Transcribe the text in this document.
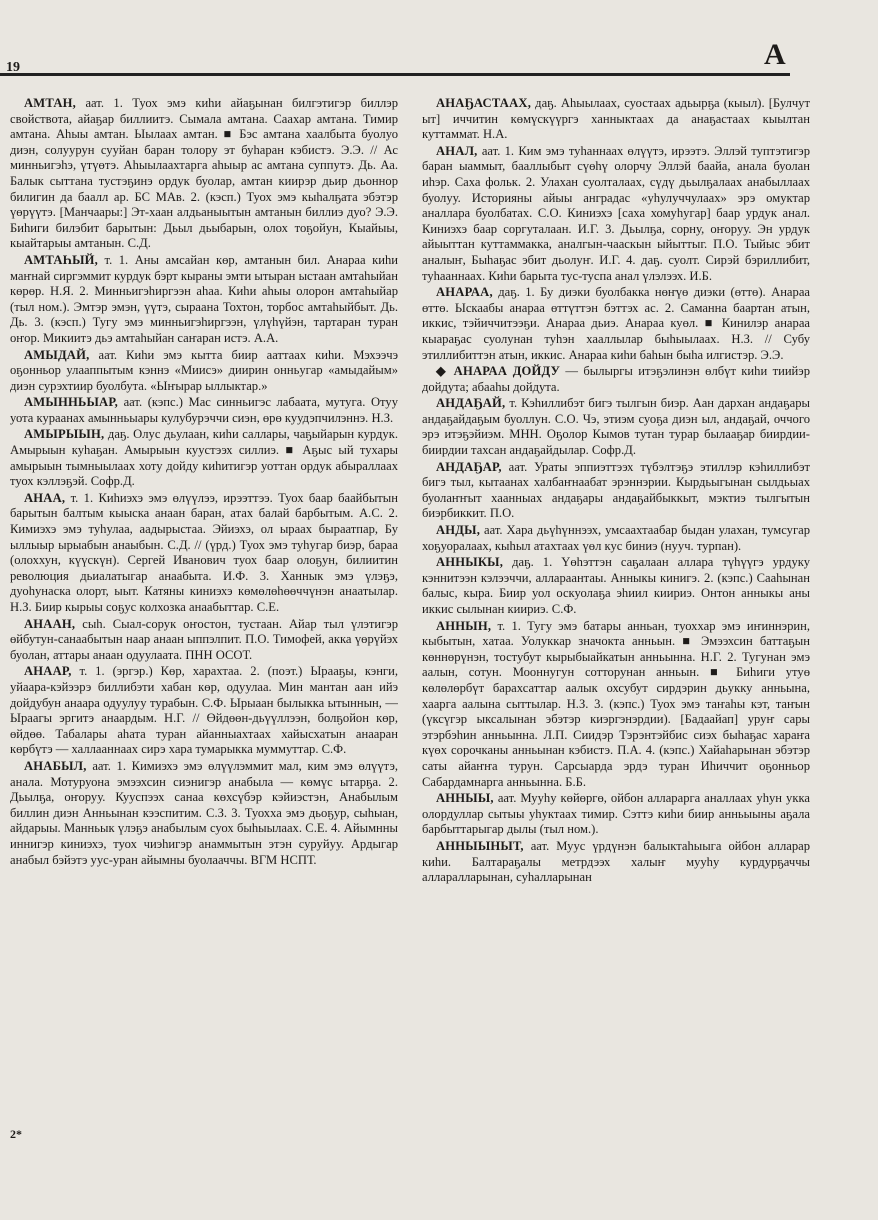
19	А

АМТАН, аат. 1. Туох эмэ киһи айаҕынан билгэтигэр биллэр свойствота, айаҕар биллиитэ. Сымала амтана. Саахар амтана. Тимир амтана. Аһыы амтан. Ыылаах амтан. ■ Бэс амтана хаалбыта буолуо диэн, солуурун сууйан баран толору эт буһаран кэбистэ. Э.Э. // Ас минньигэһэ, үтүөтэ. Аһыылаахтарга аһыыр ас амтана суппутэ. Дь. Аа. Балык сыттана тустэҕинэ ордук буолар, амтан киирэр дьир дьоннор билигин да баалл ар. БС МАв. 2. (кэсп.) Туох эмэ кыһалҕата эбэтэр үөрүүтэ. [Манчаары:] Эт-хаан алдьаныытын амтанын биллиэ дуо? Э.Э. Биһиги билэбит барытын: Дьыл дьыбарын, олох тоҕойун, Кыайыы, кыайтарыы амтанын. С.Д.

АМТАҺЫЙ, т. 1. Аны амсайан көр, амтанын бил. Анараа киһи маҥнай сиргэммит курдук бэрт кыраны эмти ытыран ыстаан амтаһыйан көрөр. Н.Я. 2. Минньигэһиргээн аһаа. Киһи аһыы олорон амтаһыйар (тыл ном.). Эмтэр эмэн, үүтэ, сыраана Тохтон, торбос амтаһыйбыт. Дь. Дь. 3. (кэсп.) Тугу эмэ минньигэһиргээн, үлүһүйэн, тартаран туран оҥор. Микиитэ дьэ амтаһыйан саҥаран истэ. А.А.

АМЫДАЙ, аат. Киһи эмэ кытта биир ааттаах киһи. Мэхээчэ оҕонньор улааппытым кэннэ «Миисэ» диирин онньугар «амыдайым» диэн сурэхтиир буолбута. «Ыҥырар ыллыктар.»

АМЫННЬЫАР, аат. (кэпс.) Мас синньигэс лабаата, мутуга. Отуу уота кураанах амынньыары кулубурэччи сиэн, өрө куудэпчилэннэ. Н.З.

АМЫРЫЫН, даҕ. Олус дьулаан, киһи саллары, чаҕыйарын курдук. Амырыын куһаҕан. Амырыын куустээх силлиэ. ■ Аҕыс ый тухары амырыын тымныылаах хоту дойду киһитигэр уоттан ордук абыраллаах туох кэллэҕэй. Софр.Д.

АНАА, т. 1. Киһиэхэ эмэ өлүүлээ, ирээттээ. Туох баар баайбытын барытын балтым кыыска анаан баран, атах балай барбытым. А.С. 2. Кимиэхэ эмэ туһулаа, аадырыстаа. Эйиэхэ, ол ыраах быраатпар, Бу ыллыыр ырыабын анаыбын. С.Д. // (үрд.) Туох эмэ туһугар биэр, бараа (олоххун, күүскүн). Сергей Иванович туох баар олоҕун, билиитин революция дьиалатыгар анаабыта. И.Ф. 3. Ханнык эмэ үлэҕэ, дуоһунаска олорт, ыыт. Катяны киниэхэ көмөлөһөөччүнэн анаатылар. Н.З. Биир кырыы соҕус колхозка анаабыттар. С.Е.

АНААН, сыһ. Сыал-сорук оҥостон, тустаан. Айар тыл үлэтигэр өйбутун-санаабытын наар анаан ыппэлпит. П.О. Тимофей, акка үөрүйэх буолан, аттары анаан одуулаата. ПНН ОСОТ.

АНААР, т. 1. (эргэр.) Көр, харахтаа. 2. (поэт.) Ырааҕы, кэнги, уйаара-кэйээрэ биллибэти хабан көр, одуулаа. Мин мантан аан ийэ дойдубун анаара одуулуу турабын. С.Ф. Ырыаан былыкка ытыннын, — Ыраагы эргитэ анаардым. Н.Г. // Өйдөөн-дьүүллээн, болҕойон көр, өйдөө. Табалары аһата туран айанныахтаах хайысхатын анааран көрбүтэ — халлааннаах сирэ хара тумарыкка муммуттар. С.Ф.

АНАБЫЛ, аат. 1. Кимиэхэ эмэ өлүүлэммит мал, ким эмэ өлүүтэ, анала. Мотуруона эмээхсин сиэнигэр анабыла — көмүс ытарҕа. 2. Дьылҕа, оҥоруу. Кууспээх санаа көхсүбэр кэйиэстэн, Анабылым биллин диэн Анньынан кээспитим. С.З. 3. Туохха эмэ дьоҕур, сыһыан, айдарыы. Манньык үлэҕэ анабылым суох быһыылаах. С.Е. 4. Айымнны иннигэр киниэхэ, туох чиэһигэр анаммытын этэн суруйуу. Ардыгар анабыл бэйэтэ уус-уран айымны буолааччы. ВГМ НСПТ.

АНАҔАСТААХ, даҕ. Аһыылаах, суостаах адьырҕа (кыыл). [Булчут ыт] иччитин көмүскүүргэ ханныктаах да анаҕастаах кыылтан куттаммат. Н.А.

АНАЛ, аат. 1. Ким эмэ туһаннаах өлүүтэ, ирээтэ. Эллэй туптэтигэр баран ыаммыт, бааллыбыт сүөһү олорчу Эллэй баайа, анала буолан иһэр. Саха фольк. 2. Улахан суолталаах, сүдү дьылҕалаах анабыллаах буолуу. Историяны айыы анградас «уһулуччулаах» эрэ омуктар аналлара буолбатах. С.О. Киниэхэ [саха хомуһугар] баар урдук анал. Киниэхэ баар соргуталаан. И.Г. 3. Дьылҕа, сорну, оҥоруу. Эн урдук айыыттан куттаммакка, аналгын-чааскын ыйыттыг. П.О. Тыйыс эбит аналыҥ, Быһаҕас эбит дьолуҥ. И.Г. 4. даҕ. суолт. Сирэй бэриллибит, туһааннаах. Киһи барыта тус-туспа анал үлэлээх. И.Б.

АНАРАА, даҕ. 1. Бу диэки буолбакка нөҥүө диэки (өттө). Анараа өттө. Ыскаабы анараа өттүттэн бэттэх ас. 2. Саманна баартан атын, иккис, тэйиччитээҕи. Анараа дьиэ. Анараа куөл. ■ Кинилэр анараа кыараҕас суолунан туһэн хааллылар быһыылаах. Н.З. // Субу этиллибиттэн атын, иккис. Анараа киһи баһын быһа илгистэр. Э.Э.

◆ АНАРАА ДОЙДУ — былыргы итэҕэлинэн өлбүт киһи тиийэр дойдута; абааһы дойдута.

АНДАҔАЙ, т. Кэһиллибэт бигэ тылгын биэр. Аан дархан андаҕары андаҕайдаҕым буоллун. С.О. Чэ, этиэм суоҕа диэн ыл, андаҕай, оччого эрэ итэҕэйиэм. МНН. Оҕолор Кымов тутан турар былааҕар биирдии-биирдии тахсан андаҕайдылар. Софр.Д.

АНДАҔАР, аат. Ураты эппиэттээх түбэлтэҕэ этиллэр кэһиллибэт бигэ тыл, кытаанах халбаҥнаабат эрэннэрии. Кырдьыгынан сылдьыах буолаҥҥыт хаанныах андаҕары андаҕайбыккыт, мэктиэ тылгытын биэрбиккит. П.О.

АНДЫ, аат. Хара дьүһүннээх, умсаахтаабар быдан улахан, тумсугар хоҕуоралаах, кыһыл атахтаах үөл кус биниэ (нууч. турпан).

АННЫКЫ, даҕ. 1. Үөһэттэн саҕалаан аллара түһүүгэ урдуку кэннитээн кэлээччи, аллараантаы. Анныкы кинигэ. 2. (кэпс.) Сааһынан балыс, кыра. Биир уол оскуолаҕа эһиил киириэ. Онтон анныкы аны иккис сылынан киириэ. С.Ф.

АННЫН, т. 1. Тугу эмэ батары анньан, туоххар эмэ иҥиннэрин, кыбытын, хатаа. Уолуккар значокта анньын. ■ Эмээхсин баттаҕын көннөрүнэн, тостубут кырыбыайкатын анньынна. Н.Г. 2. Тугунан эмэ аалын, сотун. Мооннугун сотторунан анньын. ■ Биһиги утуө көлөлөрбүт барахсаттар аалык охсубут сирдэрин дьукку анньына, хаарга аалына сыттылар. Н.З. 3. (кэпс.) Туох эмэ таҥаһы кэт, таҥын (үксүгэр ыксалынан эбэтэр киэргэнэрдии). [Бадаайап] уруҥ сары этэрбэһин анньынна. Л.П. Сиидэр Тэрэнтэйбис сиэх быһаҕас хараҥа күөх сорочканы анньынан кэбистэ. П.А. 4. (кэпс.) Хайаһарынан эбэтэр саты айаҥҥа турун. Сарсыарда эрдэ туран Иһиччит оҕонньор Сабардамнарга анньынна. Б.Б.

АННЫЫ, аат. Мууһу көйөргө, ойбон алларарга аналлаах уһун укка олордуллар сытыы уһуктаах тимир. Сэттэ киһи биир анньыыны аҕала барбыттарыгар дылы (тыл ном.).

АННЫЫНЫТ, аат. Муус үрдүнэн балыктаһыыга ойбон алларар киһи. Балтараҕалы метрдээх халыҥ мууһу курдурҕаччы алларалларынан, суһалларынан

2*
